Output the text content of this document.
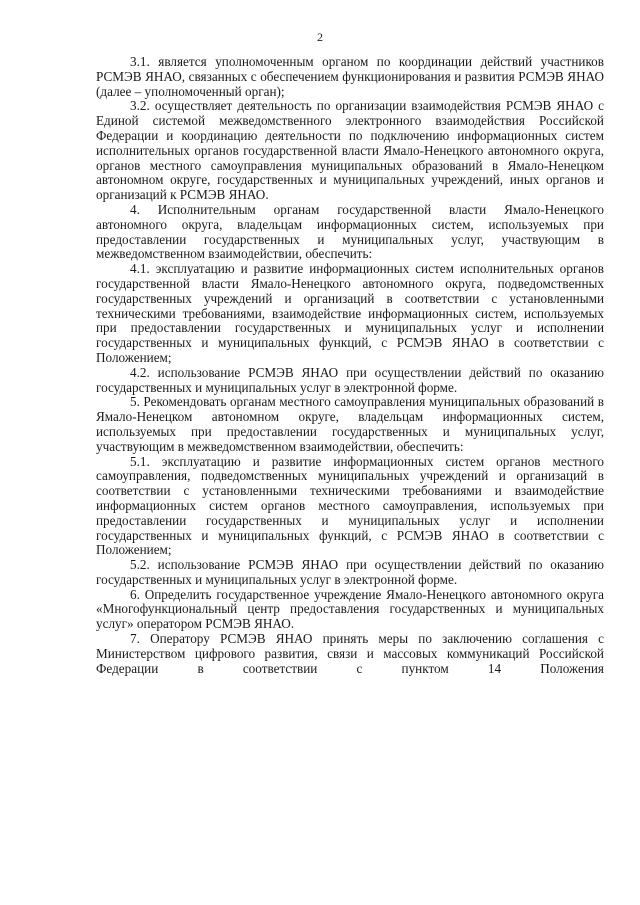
2

3.1. является уполномоченным органом по координации действий участников РСМЭВ ЯНАО, связанных с обеспечением функционирования и развития РСМЭВ ЯНАО (далее – уполномоченный орган);

3.2. осуществляет деятельность по организации взаимодействия РСМЭВ ЯНАО с Единой системой межведомственного электронного взаимодействия Российской Федерации и координацию деятельности по подключению информационных систем исполнительных органов государственной власти Ямало-Ненецкого автономного округа, органов местного самоуправления муниципальных образований в Ямало-Ненецком автономном округе, государственных и муниципальных учреждений, иных органов и организаций к РСМЭВ ЯНАО.

4. Исполнительным органам государственной власти Ямало-Ненецкого автономного округа, владельцам информационных систем, используемых при предоставлении государственных и муниципальных услуг, участвующим в межведомственном взаимодействии, обеспечить:

4.1. эксплуатацию и развитие информационных систем исполнительных органов государственной власти Ямало-Ненецкого автономного округа, подведомственных государственных учреждений и организаций в соответствии с установленными техническими требованиями, взаимодействие информационных систем, используемых при предоставлении государственных и муниципальных услуг и исполнении государственных и муниципальных функций, с РСМЭВ ЯНАО в соответствии с Положением;

4.2. использование РСМЭВ ЯНАО при осуществлении действий по оказанию государственных и муниципальных услуг в электронной форме.

5. Рекомендовать органам местного самоуправления муниципальных образований в Ямало-Ненецком автономном округе, владельцам информационных систем, используемых при предоставлении государственных и муниципальных услуг, участвующим в межведомственном взаимодействии, обеспечить:

5.1. эксплуатацию и развитие информационных систем органов местного самоуправления, подведомственных муниципальных учреждений и организаций в соответствии с установленными техническими требованиями и взаимодействие информационных систем органов местного самоуправления, используемых при предоставлении государственных и муниципальных услуг и исполнении государственных и муниципальных функций, с РСМЭВ ЯНАО в соответствии с Положением;

5.2. использование РСМЭВ ЯНАО при осуществлении действий по оказанию государственных и муниципальных услуг в электронной форме.

6. Определить государственное учреждение Ямало-Ненецкого автономного округа «Многофункциональный центр предоставления государственных и муниципальных услуг» оператором РСМЭВ ЯНАО.

7. Оператору РСМЭВ ЯНАО принять меры по заключению соглашения с Министерством цифрового развития, связи и массовых коммуникаций Российской Федерации в соответствии с пунктом 14 Положения
